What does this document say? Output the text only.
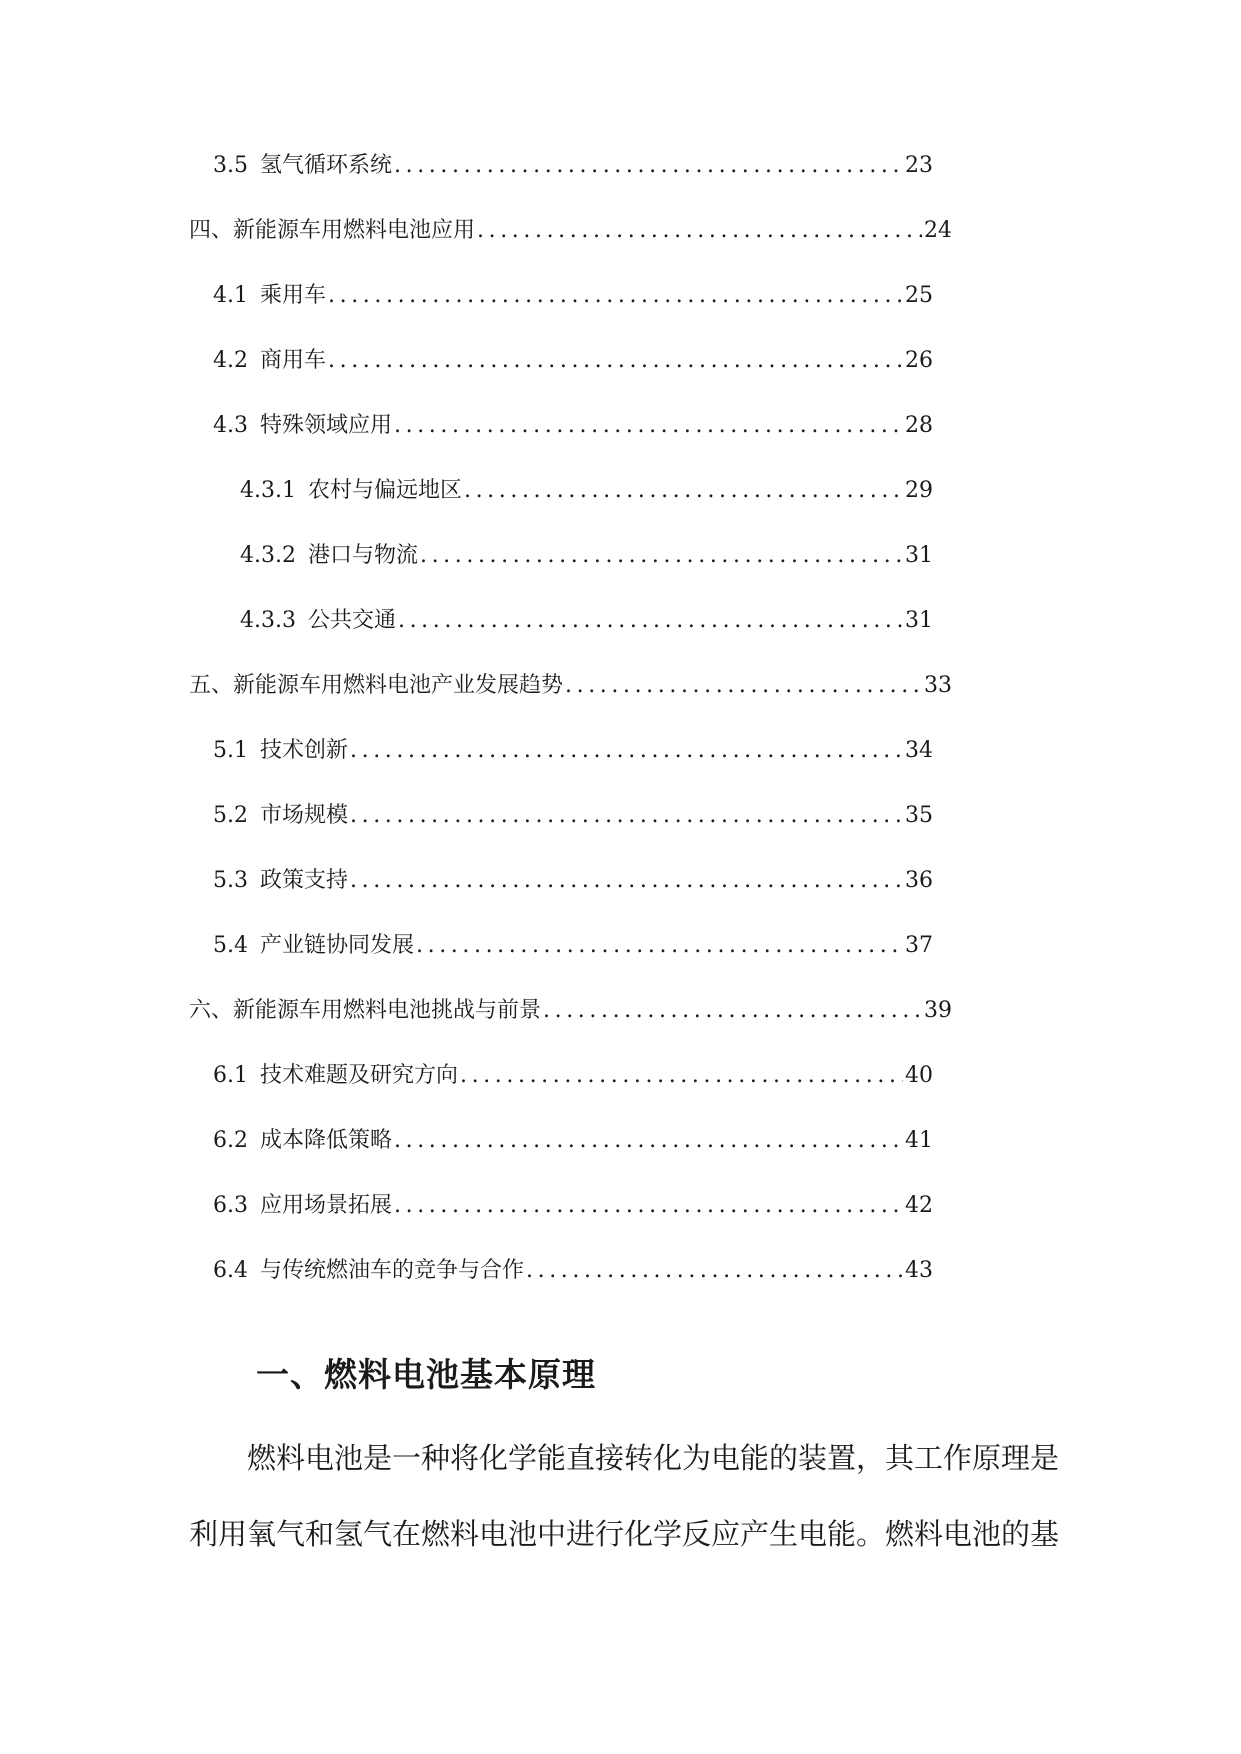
3.5 氢气循环系统 .....	23
四、新能源车用燃料电池应用 .....	24
4.1 乘用车 .....	25
4.2 商用车 .....	26
4.3 特殊领域应用 .....	28
4.3.1 农村与偏远地区 .....	29
4.3.2 港口与物流 .....	31
4.3.3 公共交通 .....	31
五、新能源车用燃料电池产业发展趋势 .....	33
5.1 技术创新 .....	34
5.2 市场规模 .....	35
5.3 政策支持 .....	36
5.4 产业链协同发展 .....	37
六、新能源车用燃料电池挑战与前景 .....	39
6.1 技术难题及研究方向 .....	40
6.2 成本降低策略 .....	41
6.3 应用场景拓展 .....	42
6.4 与传统燃油车的竞争与合作 .....	43
一、燃料电池基本原理
燃料电池是一种将化学能直接转化为电能的装置，其工作原理是
利用氧气和氢气在燃料电池中进行化学反应产生电能。燃料电池的基
